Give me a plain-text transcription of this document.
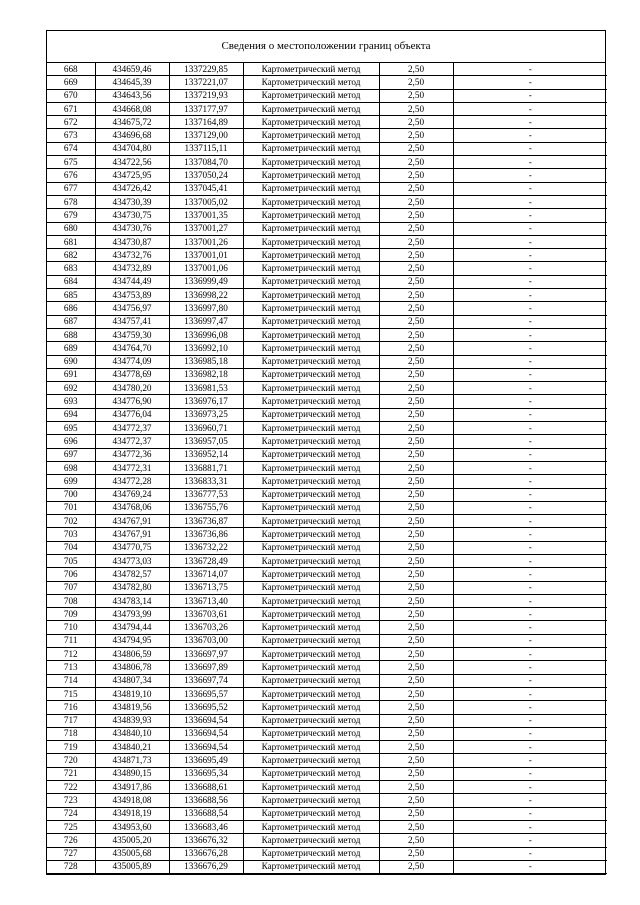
Сведения о местоположении границ объекта
668	434659,46	1337229,85	Картометрический метод	2,50	-
669	434645,39	1337221,07	Картометрический метод	2,50	-
670	434643,56	1337219,93	Картометрический метод	2,50	-
671	434668,08	1337177,97	Картометрический метод	2,50	-
672	434675,72	1337164,89	Картометрический метод	2,50	-
673	434696,68	1337129,00	Картометрический метод	2,50	-
674	434704,80	1337115,11	Картометрический метод	2,50	-
675	434722,56	1337084,70	Картометрический метод	2,50	-
676	434725,95	1337050,24	Картометрический метод	2,50	-
677	434726,42	1337045,41	Картометрический метод	2,50	-
678	434730,39	1337005,02	Картометрический метод	2,50	-
679	434730,75	1337001,35	Картометрический метод	2,50	-
680	434730,76	1337001,27	Картометрический метод	2,50	-
681	434730,87	1337001,26	Картометрический метод	2,50	-
682	434732,76	1337001,01	Картометрический метод	2,50	-
683	434732,89	1337001,06	Картометрический метод	2,50	-
684	434744,49	1336999,49	Картометрический метод	2,50	-
685	434753,89	1336998,22	Картометрический метод	2,50	-
686	434756,97	1336997,80	Картометрический метод	2,50	-
687	434757,41	1336997,47	Картометрический метод	2,50	-
688	434759,30	1336996,08	Картометрический метод	2,50	-
689	434764,70	1336992,10	Картометрический метод	2,50	-
690	434774,09	1336985,18	Картометрический метод	2,50	-
691	434778,69	1336982,18	Картометрический метод	2,50	-
692	434780,20	1336981,53	Картометрический метод	2,50	-
693	434776,90	1336976,17	Картометрический метод	2,50	-
694	434776,04	1336973,25	Картометрический метод	2,50	-
695	434772,37	1336960,71	Картометрический метод	2,50	-
696	434772,37	1336957,05	Картометрический метод	2,50	-
697	434772,36	1336952,14	Картометрический метод	2,50	-
698	434772,31	1336881,71	Картометрический метод	2,50	-
699	434772,28	1336833,31	Картометрический метод	2,50	-
700	434769,24	1336777,53	Картометрический метод	2,50	-
701	434768,06	1336755,76	Картометрический метод	2,50	-
702	434767,91	1336736,87	Картометрический метод	2,50	-
703	434767,91	1336736,86	Картометрический метод	2,50	-
704	434770,75	1336732,22	Картометрический метод	2,50	-
705	434773,03	1336728,49	Картометрический метод	2,50	-
706	434782,57	1336714,07	Картометрический метод	2,50	-
707	434782,80	1336713,75	Картометрический метод	2,50	-
708	434783,14	1336713,40	Картометрический метод	2,50	-
709	434793,99	1336703,61	Картометрический метод	2,50	-
710	434794,44	1336703,26	Картометрический метод	2,50	-
711	434794,95	1336703,00	Картометрический метод	2,50	-
712	434806,59	1336697,97	Картометрический метод	2,50	-
713	434806,78	1336697,89	Картометрический метод	2,50	-
714	434807,34	1336697,74	Картометрический метод	2,50	-
715	434819,10	1336695,57	Картометрический метод	2,50	-
716	434819,56	1336695,52	Картометрический метод	2,50	-
717	434839,93	1336694,54	Картометрический метод	2,50	-
718	434840,10	1336694,54	Картометрический метод	2,50	-
719	434840,21	1336694,54	Картометрический метод	2,50	-
720	434871,73	1336695,49	Картометрический метод	2,50	-
721	434890,15	1336695,34	Картометрический метод	2,50	-
722	434917,86	1336688,61	Картометрический метод	2,50	-
723	434918,08	1336688,56	Картометрический метод	2,50	-
724	434918,19	1336688,54	Картометрический метод	2,50	-
725	434953,60	1336683,46	Картометрический метод	2,50	-
726	435005,20	1336676,32	Картометрический метод	2,50	-
727	435005,68	1336676,28	Картометрический метод	2,50	-
728	435005,89	1336676,29	Картометрический метод	2,50	-
